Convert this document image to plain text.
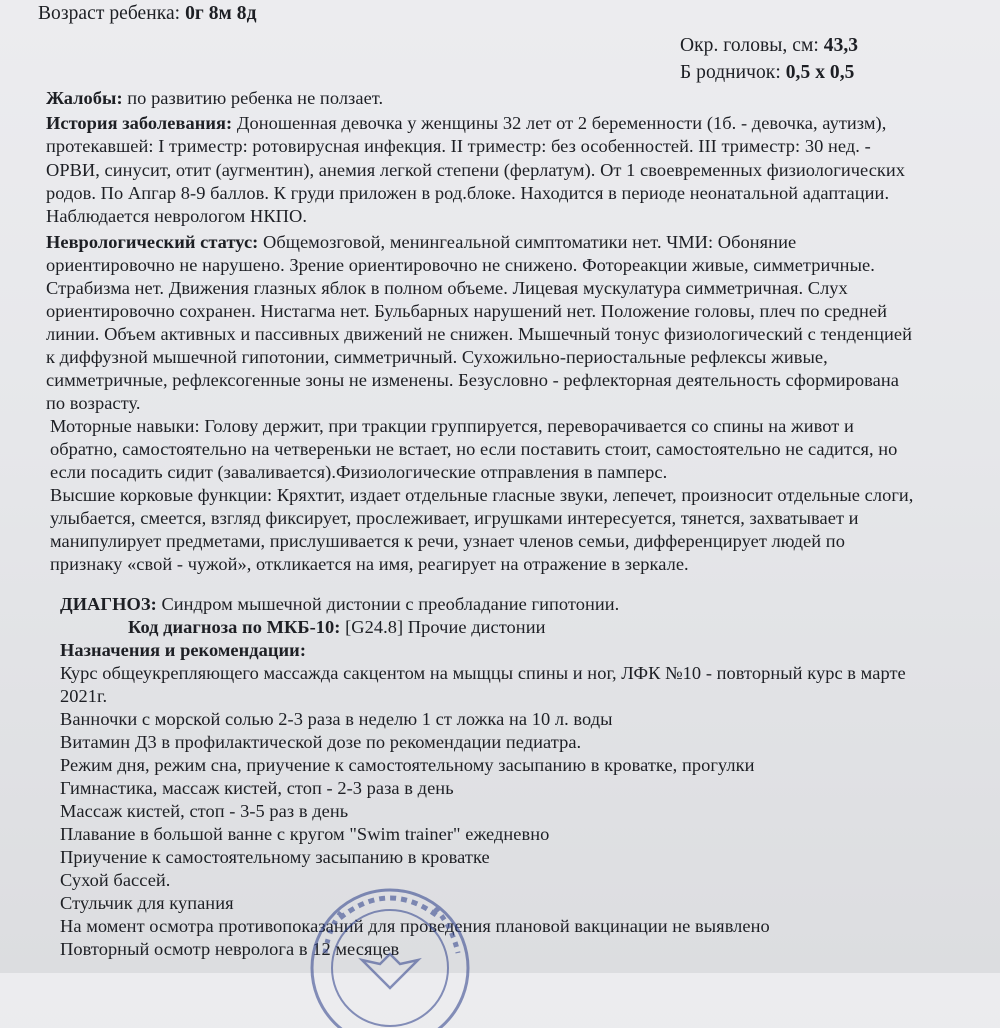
Возраст ребенка: 0г 8м 8д
Окр. головы, см: 43,3
Б родничок: 0,5 х 0,5
Жалобы: по развитию ребенка не ползает.
История заболевания: Доношенная девочка у женщины 32 лет от 2 беременности (1б. - девочка, аутизм),
протекавшей: I триместр: ротовирусная инфекция. II триместр: без особенностей. III триместр: 30 нед. -
ОРВИ, синусит, отит (аугментин), анемия легкой степени (ферлатум). От 1 своевременных физиологических
родов. По Апгар 8-9 баллов. К груди приложен в род.блоке. Находится в периоде неонатальной адаптации.
Наблюдается неврологом НКПО.
Неврологический статус: Общемозговой, менингеальной симптоматики нет. ЧМИ: Обоняние
ориентировочно не нарушено. Зрение ориентировочно не снижено. Фотореакции живые, симметричные.
Страбизма нет. Движения глазных яблок в полном объеме. Лицевая мускулатура симметричная. Слух
ориентировочно сохранен. Нистагма нет. Бульбарных нарушений нет. Положение головы, плеч по средней
линии. Объем активных и пассивных движений не снижен. Мышечный тонус физиологический с тенденцией
к диффузной мышечной гипотонии, симметричный. Сухожильно-периостальные рефлексы живые,
симметричные, рефлексогенные зоны не изменены. Безусловно - рефлекторная деятельность сформирована
по возрасту.
Моторные навыки: Голову держит, при тракции группируется, переворачивается со спины на живот и
обратно, самостоятельно на четвереньки не встает, но если поставить стоит, самостоятельно не садится, но
если посадить сидит (заваливается).Физиологические отправления в памперс.
Высшие корковые функции: Кряхтит, издает отдельные гласные звуки, лепечет, произносит отдельные слоги,
улыбается, смеется, взгляд фиксирует, прослеживает, игрушками интересуется, тянется, захватывает и
манипулирует предметами, прислушивается к речи, узнает членов семьи, дифференцирует людей по
признаку «свой - чужой», откликается на имя, реагирует на отражение в зеркале.
ДИАГНОЗ: Синдром мышечной дистонии с преобладание гипотонии.
Код диагноза по МКБ-10: [G24.8] Прочие дистонии
Назначения и рекомендации:
Курс общеукрепляющего массажда сакцентом на мыщцы спины и ног, ЛФК №10 - повторный курс в марте
2021г.
Ванночки с морской солью 2-3 раза в неделю 1 ст ложка на 10 л. воды
Витамин Д3 в профилактической дозе по рекомендации педиатра.
Режим дня, режим сна, приучение к самостоятельному засыпанию в кроватке, прогулки
Гимнастика, массаж кистей, стоп - 2-3 раза в день
Массаж кистей, стоп - 3-5 раз в день
Плавание в большой ванне с кругом "Swim trainer" ежедневно
Приучение к самостоятельному засыпанию в кроватке
Сухой бассей.
Стульчик для купания
На момент осмотра противопоказаний для проведения плановой вакцинации не выявлено
Повторный осмотр невролога в 12 месяцев
